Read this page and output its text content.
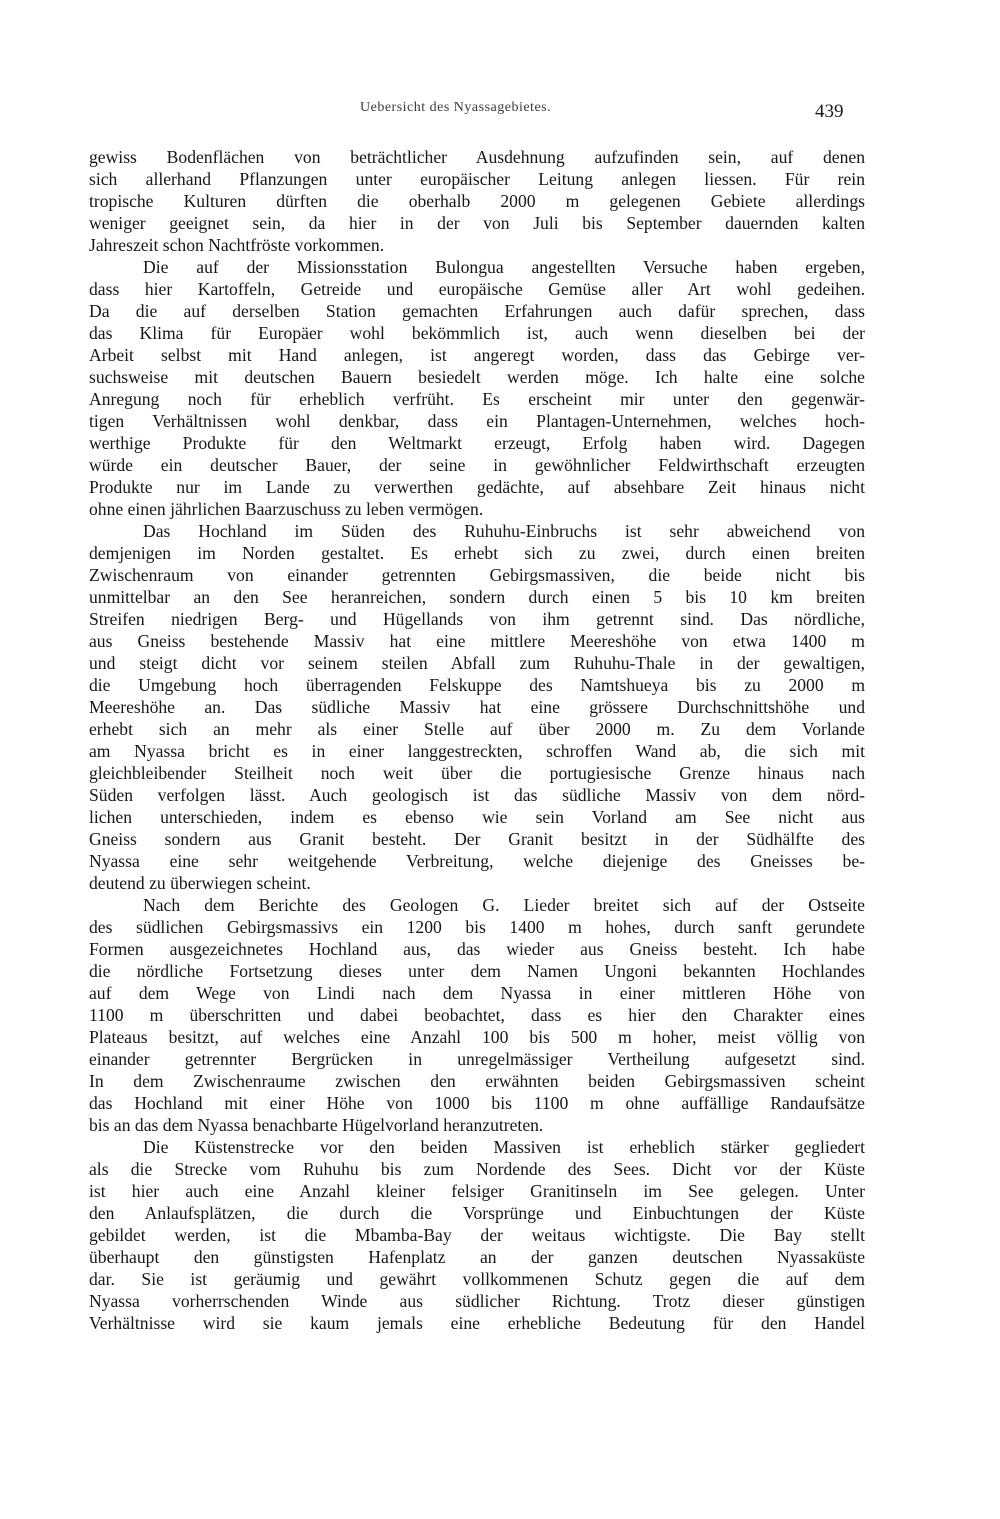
Uebersicht des Nyassagebietes.	439
gewiss Bodenflächen von beträchtlicher Ausdehnung aufzufinden sein, auf denen
sich allerhand Pflanzungen unter europäischer Leitung anlegen liessen. Für rein
tropische Kulturen dürften die oberhalb 2000 m gelegenen Gebiete allerdings
weniger geeignet sein, da hier in der von Juli bis September dauernden kalten
Jahreszeit schon Nachtfröste vorkommen.
Die auf der Missionsstation Bulongua angestellten Versuche haben ergeben,
dass hier Kartoffeln, Getreide und europäische Gemüse aller Art wohl gedeihen.
Da die auf derselben Station gemachten Erfahrungen auch dafür sprechen, dass
das Klima für Europäer wohl bekömmlich ist, auch wenn dieselben bei der
Arbeit selbst mit Hand anlegen, ist angeregt worden, dass das Gebirge ver-
suchsweise mit deutschen Bauern besiedelt werden möge. Ich halte eine solche
Anregung noch für erheblich verfrüht. Es erscheint mir unter den gegenwär-
tigen Verhältnissen wohl denkbar, dass ein Plantagen-Unternehmen, welches hoch-
werthige Produkte für den Weltmarkt erzeugt, Erfolg haben wird. Dagegen
würde ein deutscher Bauer, der seine in gewöhnlicher Feldwirthschaft erzeugten
Produkte nur im Lande zu verwerthen gedächte, auf absehbare Zeit hinaus nicht
ohne einen jährlichen Baarzuschuss zu leben vermögen.
Das Hochland im Süden des Ruhuhu-Einbruchs ist sehr abweichend von
demjenigen im Norden gestaltet. Es erhebt sich zu zwei, durch einen breiten
Zwischenraum von einander getrennten Gebirgsmassiven, die beide nicht bis
unmittelbar an den See heranreichen, sondern durch einen 5 bis 10 km breiten
Streifen niedrigen Berg- und Hügellands von ihm getrennt sind. Das nördliche,
aus Gneiss bestehende Massiv hat eine mittlere Meereshöhe von etwa 1400 m
und steigt dicht vor seinem steilen Abfall zum Ruhuhu-Thale in der gewaltigen,
die Umgebung hoch überragenden Felskuppe des Namtshueya bis zu 2000 m
Meereshöhe an. Das südliche Massiv hat eine grössere Durchschnittshöhe und
erhebt sich an mehr als einer Stelle auf über 2000 m. Zu dem Vorlande
am Nyassa bricht es in einer langgestreckten, schroffen Wand ab, die sich mit
gleichbleibender Steilheit noch weit über die portugiesische Grenze hinaus nach
Süden verfolgen lässt. Auch geologisch ist das südliche Massiv von dem nörd-
lichen unterschieden, indem es ebenso wie sein Vorland am See nicht aus
Gneiss sondern aus Granit besteht. Der Granit besitzt in der Südhälfte des
Nyassa eine sehr weitgehende Verbreitung, welche diejenige des Gneisses be-
deutend zu überwiegen scheint.
Nach dem Berichte des Geologen G. Lieder breitet sich auf der Ostseite
des südlichen Gebirgsmassivs ein 1200 bis 1400 m hohes, durch sanft gerundete
Formen ausgezeichnetes Hochland aus, das wieder aus Gneiss besteht. Ich habe
die nördliche Fortsetzung dieses unter dem Namen Ungoni bekannten Hochlandes
auf dem Wege von Lindi nach dem Nyassa in einer mittleren Höhe von
1100 m überschritten und dabei beobachtet, dass es hier den Charakter eines
Plateaus besitzt, auf welches eine Anzahl 100 bis 500 m hoher, meist völlig von
einander getrennter Bergrücken in unregelmässiger Vertheilung aufgesetzt sind.
In dem Zwischenraume zwischen den erwähnten beiden Gebirgsmassiven scheint
das Hochland mit einer Höhe von 1000 bis 1100 m ohne auffällige Randaufsätze
bis an das dem Nyassa benachbarte Hügelvorland heranzutreten.
Die Küstenstrecke vor den beiden Massiven ist erheblich stärker gegliedert
als die Strecke vom Ruhuhu bis zum Nordende des Sees. Dicht vor der Küste
ist hier auch eine Anzahl kleiner felsiger Granitinseln im See gelegen. Unter
den Anlaufsplätzen, die durch die Vorsprünge und Einbuchtungen der Küste
gebildet werden, ist die Mbamba-Bay der weitaus wichtigste. Die Bay stellt
überhaupt den günstigsten Hafenplatz an der ganzen deutschen Nyassaküste
dar. Sie ist geräumig und gewährt vollkommenen Schutz gegen die auf dem
Nyassa vorherrschenden Winde aus südlicher Richtung. Trotz dieser günstigen
Verhältnisse wird sie kaum jemals eine erhebliche Bedeutung für den Handel
